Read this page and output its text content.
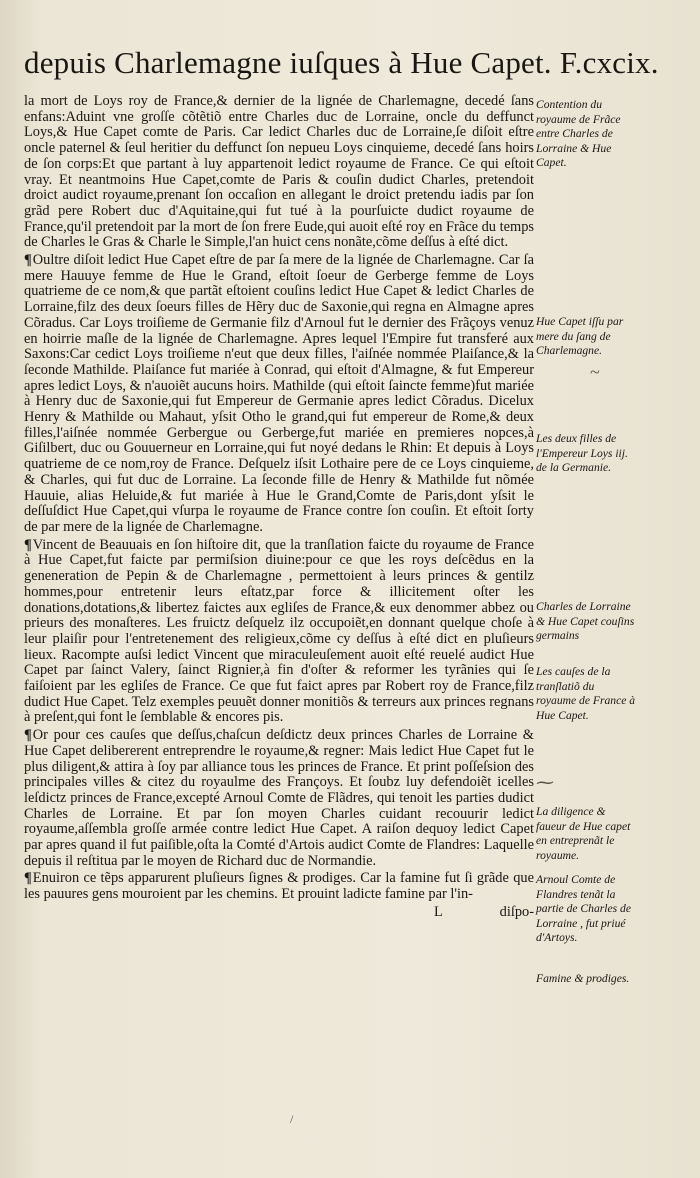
depuis Charlemagne iuſques à Hue Capet. F.cxcix.

la mort de Loys roy de France,& dernier de la lignée de Charlemagne, decedé ſans enfans:Aduint vne groſſe cõtẽtiõ entre Charles duc de Lorraine, oncle du deffunct Loys,& Hue Capet comte de Paris. Car ledict Charles duc de Lorraine,ſe diſoit eſtre oncle paternel & ſeul heritier du deffunct ſon nepueu Loys cinquieme, decedé ſans hoirs de ſon corps:Et que partant à luy appartenoit ledict royaume de France. Ce qui eſtoit vray. Et neantmoins Hue Capet,comte de Paris & couſin dudict Charles, pretendoit droict audict royaume,prenant ſon occaſion en allegant le droict pretendu iadis par ſon grãd pere Robert duc d'Aquitaine,qui fut tué à la pourſuicte dudict royaume de France,qu'il pretendoit par la mort de ſon frere Eude,qui auoit eſté roy en Frãce du temps de Charles le Gras & Charle le Simple,l'an huict cens nonãte,cõme deſſus à eſté dict.

¶Oultre diſoit ledict Hue Capet eſtre de par ſa mere de la lignée de Charlemagne. Car ſa mere Hauuye femme de Hue le Grand, eſtoit ſoeur de Gerberge femme de Loys quatrieme de ce nom,& que partãt eſtoient couſins ledict Hue Capet & ledict Charles de Lorraine,filz des deux ſoeurs filles de Hẽry duc de Saxonie,qui regna en Almagne apres Cõradus. Car Loys troiſieme de Germanie filz d'Arnoul fut le dernier des Frãçoys venuz en hoirrie maſle de la lignée de Charlemagne. Apres lequel l'Empire fut transferé aux Saxons:Car cedict Loys troiſieme n'eut que deux filles, l'aiſnée nommée Plaiſance,& la ſeconde Mathilde. Plaiſance fut mariée à Conrad, qui eſtoit d'Almagne, & fut Empereur apres ledict Loys, & n'auoiẽt aucuns hoirs. Mathilde (qui eſtoit ſaincte femme)fut mariée à Henry duc de Saxonie,qui fut Empereur de Germanie apres ledict Cõradus. Dicelux Henry & Mathilde ou Mahaut, yſsit Otho le grand,qui fut empereur de Rome,& deux filles,l'aiſnée nommée Gerbergue ou Gerberge,fut mariée en premieres nopces,à Giſilbert, duc ou Gouuerneur en Lorraine,qui fut noyé dedans le Rhin: Et depuis à Loys quatrieme de ce nom,roy de France. Deſquelz iſsit Lothaire pere de ce Loys cinquieme, & Charles, qui fut duc de Lorraine. La ſeconde fille de Henry & Mathilde fut nõmée Hauuie, alias Heluide,& fut mariée à Hue le Grand,Comte de Paris,dont yſsit le deſſuſdict Hue Capet,qui vſurpa le royaume de France contre ſon couſin. Et eſtoit ſorty de par mere de la lignée de Charlemagne.

¶Vincent de Beauuais en ſon hiſtoire dit, que la tranſlation faicte du royaume de France à Hue Capet,fut faicte par permiſsion diuine:pour ce que les roys deſcẽdus en la geneneration de Pepin & de Charlemagne , permettoient à leurs princes & gentilz hommes,pour entretenir leurs eſtatz,par force & illicitement oſter les donations,dotations,& libertez faictes aux egliſes de France,& eux denommer abbez ou prieurs des monaſteres. Les fruictz deſquelz ilz occupoiẽt,en donnant quelque choſe à leur plaiſir pour l'entretenement des religieux,cõme cy deſſus à eſté dict en pluſieurs lieux. Racompte auſsi ledict Vincent que miraculeuſement auoit eſté reuelé audict Hue Capet par ſainct Valery, ſainct Rignier,à fin d'oſter & reformer les tyrãnies qui ſe faiſoient par les egliſes de France. Ce que fut faict apres par Robert roy de France,filz dudict Hue Capet. Telz exemples peuuẽt donner monitiõs & terreurs aux princes regnans à preſent,qui font le ſemblable & encores pis.

¶Or pour ces cauſes que deſſus,chaſcun deſdictz deux princes Charles de Lorraine & Hue Capet delibererent entreprendre le royaume,& regner: Mais ledict Hue Capet fut le plus diligent,& attira à ſoy par alliance tous les princes de France. Et print poſſeſsion des principales villes & citez du royaulme des Françoys. Et ſoubz luy defendoiẽt icelles leſdictz princes de France,excepté Arnoul Comte de Flãdres, qui tenoit les parties dudict Charles de Lorraine. Et par ſon moyen Charles cuidant recouurir ledict royaume,aſſembla groſſe armée contre ledict Hue Capet. A raiſon dequoy ledict Capet par apres quand il fut paiſible,oſta la Comté d'Artois audict Comte de Flandres: Laquelle depuis il reſtitua par le moyen de Richard duc de Normandie.

¶Enuiron ce tẽps apparurent pluſieurs ſignes & prodiges. Car la famine fut ſi grãde que les pauures gens mouroient par les chemins. Et prouint ladicte famine par l'in-

L	diſpo-
Contention du royaume de Frãce entre Charles de Lorraine & Hue Capet.
Hue Capet iſſu par mere du ſang de Charlemagne.
Les deux filles de l'Empereur Loys iij. de la Germanie.
Charles de Lorraine & Hue Capet couſins germains
Les cauſes de la tranſlatiõ du royaume de France à Hue Capet.
La diligence & faueur de Hue capet en entreprenãt le royaume.
Arnoul Comte de Flandres tenãt la partie de Charles de Lorraine , fut priué d'Artoys.
Famine & prodiges.
~
⁓
/
